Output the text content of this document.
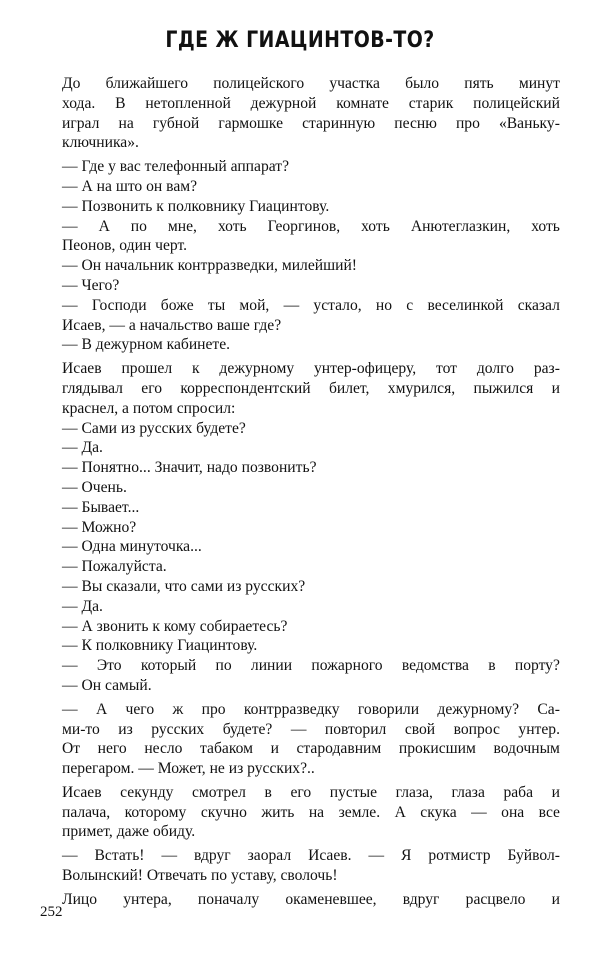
ГДЕ Ж ГИАЦИНТОВ-ТО?
До ближайшего полицейского участка было пять минут
хода. В нетопленной дежурной комнате старик полицейский
играл на губной гармошке старинную песню про «Ваньку-
ключника».
— Где у вас телефонный аппарат?
— А на што он вам?
— Позвонить к полковнику Гиацинтову.
— А по мне, хоть Георгинов, хоть Анютеглазкин, хоть
Пеонов, один черт.
— Он начальник контрразведки, милейший!
— Чего?
— Господи боже ты мой, — устало, но с веселинкой сказал
Исаев, — а начальство ваше где?
— В дежурном кабинете.
Исаев прошел к дежурному унтер-офицеру, тот долго раз-
глядывал его корреспондентский билет, хмурился, пыжился и
краснел, а потом спросил:
— Сами из русских будете?
— Да.
— Понятно... Значит, надо позвонить?
— Очень.
— Бывает...
— Можно?
— Одна минуточка...
— Пожалуйста.
— Вы сказали, что сами из русских?
— Да.
— А звонить к кому собираетесь?
— К полковнику Гиацинтову.
— Это который по линии пожарного ведомства в порту?
— Он самый.
— А чего ж про контрразведку говорили дежурному? Са-
ми-то из русских будете? — повторил свой вопрос унтер.
От него несло табаком и стародавним прокисшим водочным
перегаром. — Может, не из русских?..
Исаев секунду смотрел в его пустые глаза, глаза раба и
палача, которому скучно жить на земле. А скука — она все
примет, даже обиду.
— Встать! — вдруг заорал Исаев. — Я ротмистр Буйвол-
Волынский! Отвечать по уставу, сволочь!
Лицо унтера, поначалу окаменевшее, вдруг расцвело и
252
